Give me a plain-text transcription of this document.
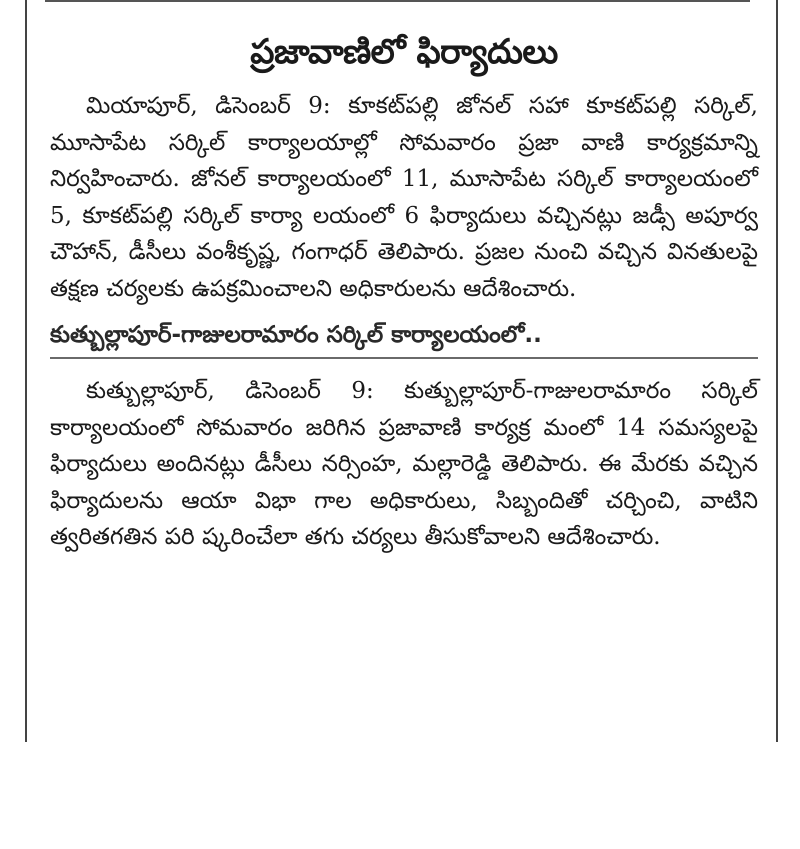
ప్రజావాణిలో ఫిర్యాదులు

మియాపూర్, డిసెంబర్ 9: కూకట్‌పల్లి జోనల్ సహా కూకట్‌పల్లి సర్కిల్, మూసాపేట సర్కిల్ కార్యాలయాల్లో సోమవారం ప్రజా వాణి కార్యక్రమాన్ని నిర్వహించారు. జోనల్ కార్యాలయంలో 11, మూసాపేట సర్కిల్ కార్యాలయంలో 5, కూకట్‌పల్లి సర్కిల్ కార్యా లయంలో 6 ఫిర్యాదులు వచ్చినట్లు జడ్సీ అపూర్వ చౌహాన్, డీసీలు వంశీకృష్ణ, గంగాధర్ తెలిపారు. ప్రజల నుంచి వచ్చిన వినతులపై తక్షణ చర్యలకు ఉపక్రమించాలని అధికారులను ఆదేశించారు.

కుత్బుల్లాపూర్-గాజులరామారం సర్కిల్ కార్యాలయంలో..

కుత్బుల్లాపూర్, డిసెంబర్ 9: కుత్బుల్లాపూర్-గాజులరామారం సర్కిల్ కార్యాలయంలో సోమవారం జరిగిన ప్రజావాణి కార్యక్ర మంలో 14 సమస్యలపై ఫిర్యాదులు అందినట్లు డీసీలు నర్సింహ, మల్లారెడ్డి తెలిపారు. ఈ మేరకు వచ్చిన ఫిర్యాదులను ఆయా విభా గాల అధికారులు, సిబ్బందితో చర్చించి, వాటిని త్వరితగతిన పరి ష్కరించేలా తగు చర్యలు తీసుకోవాలని ఆదేశించారు.
